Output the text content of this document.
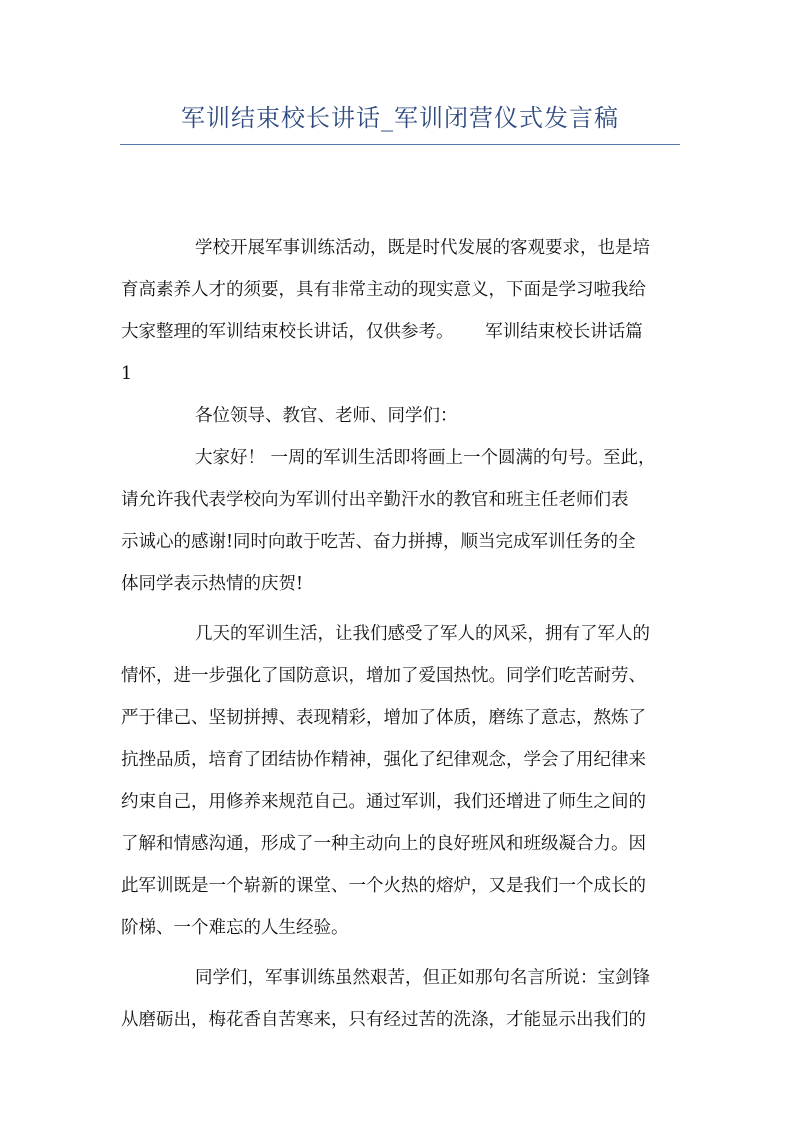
军训结束校长讲话_军训闭营仪式发言稿
学校开展军事训练活动，既是时代发展的客观要求，也是培
育高素养人才的须要，具有非常主动的现实意义，下面是学习啦我给
大家整理的军训结束校长讲话，仅供参考。　　 军训结束校长讲话篇
1
各位领导、教官、老师、同学们：
大家好！ 一周的军训生活即将画上一个圆满的句号。至此，
请允许我代表学校向为军训付出辛勤汗水的教官和班主任老师们表
示诚心的感谢!同时向敢于吃苦、奋力拼搏，顺当完成军训任务的全
体同学表示热情的庆贺!
几天的军训生活，让我们感受了军人的风采，拥有了军人的
情怀，进一步强化了国防意识，增加了爱国热忱。同学们吃苦耐劳、
严于律己、坚韧拼搏、表现精彩，增加了体质，磨练了意志，熬炼了
抗挫品质，培育了团结协作精神，强化了纪律观念，学会了用纪律来
约束自己，用修养来规范自己。通过军训，我们还增进了师生之间的
了解和情感沟通，形成了一种主动向上的良好班风和班级凝合力。因
此军训既是一个崭新的课堂、一个火热的熔炉，又是我们一个成长的
阶梯、一个难忘的人生经验。
同学们，军事训练虽然艰苦，但正如那句名言所说：宝剑锋
从磨砺出，梅花香自苦寒来，只有经过苦的洗涤，才能显示出我们的
